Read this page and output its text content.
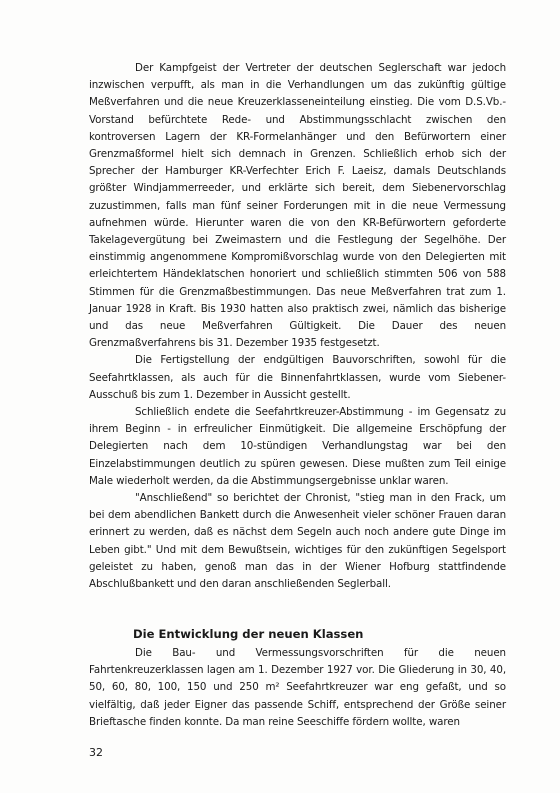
Der Kampfgeist der Vertreter der deutschen Seglerschaft war jedoch inzwischen verpufft, als man in die Verhandlungen um das zukünftig gültige Meßverfahren und die neue Kreuzerklasseneinteilung einstieg. Die vom D.S.Vb.-Vorstand befürchtete Rede- und Abstimmungsschlacht zwischen den kontroversen Lagern der KR-Formelanhänger und den Befürwortern einer Grenzmaßformel hielt sich demnach in Grenzen. Schließlich erhob sich der Sprecher der Hamburger KR-Verfechter Erich F. Laeisz, damals Deutschlands größter Windjammerreeder, und erklärte sich bereit, dem Siebenervorschlag zuzustimmen, falls man fünf seiner Forderungen mit in die neue Vermessung aufnehmen würde. Hierunter waren die von den KR-Befürwortern geforderte Takelagevergütung bei Zweimastern und die Festlegung der Segelhöhe. Der einstimmig angenommene Kompromißvorschlag wurde von den Delegierten mit erleichtertem Händeklatschen honoriert und schließlich stimmten 506 von 588 Stimmen für die Grenzmaßbestimmungen. Das neue Meßverfahren trat zum 1. Januar 1928 in Kraft. Bis 1930 hatten also praktisch zwei, nämlich das bisherige und das neue Meßverfahren Gültigkeit. Die Dauer des neuen Grenzmaßverfahrens bis 31. Dezember 1935 festgesetzt.

Die Fertigstellung der endgültigen Bauvorschriften, sowohl für die Seefahrtklassen, als auch für die Binnenfahrtklassen, wurde vom Siebener-Ausschuß bis zum 1. Dezember in Aussicht gestellt.

Schließlich endete die Seefahrtkreuzer-Abstimmung - im Gegensatz zu ihrem Beginn - in erfreulicher Einmütigkeit. Die allgemeine Erschöpfung der Delegierten nach dem 10-stündigen Verhandlungstag war bei den Einzelabstimmungen deutlich zu spüren gewesen. Diese mußten zum Teil einige Male wiederholt werden, da die Abstimmungsergebnisse unklar waren.

"Anschließend" so berichtet der Chronist, "stieg man in den Frack, um bei dem abendlichen Bankett durch die Anwesenheit vieler schöner Frauen daran erinnert zu werden, daß es nächst dem Segeln auch noch andere gute Dinge im Leben gibt." Und mit dem Bewußtsein, wichtiges für den zukünftigen Segelsport geleistet zu haben, genoß man das in der Wiener Hofburg stattfindende Abschlußbankett und den daran anschließenden Seglerball.

Die Entwicklung der neuen Klassen

Die Bau- und Vermessungsvorschriften für die neuen Fahrtenkreuzerklassen lagen am 1. Dezember 1927 vor. Die Gliederung in 30, 40, 50, 60, 80, 100, 150 und 250 m² Seefahrtkreuzer war eng gefaßt, und so vielfältig, daß jeder Eigner das passende Schiff, entsprechend der Größe seiner Brieftasche finden konnte. Da man reine Seeschiffe fördern wollte, waren

32
